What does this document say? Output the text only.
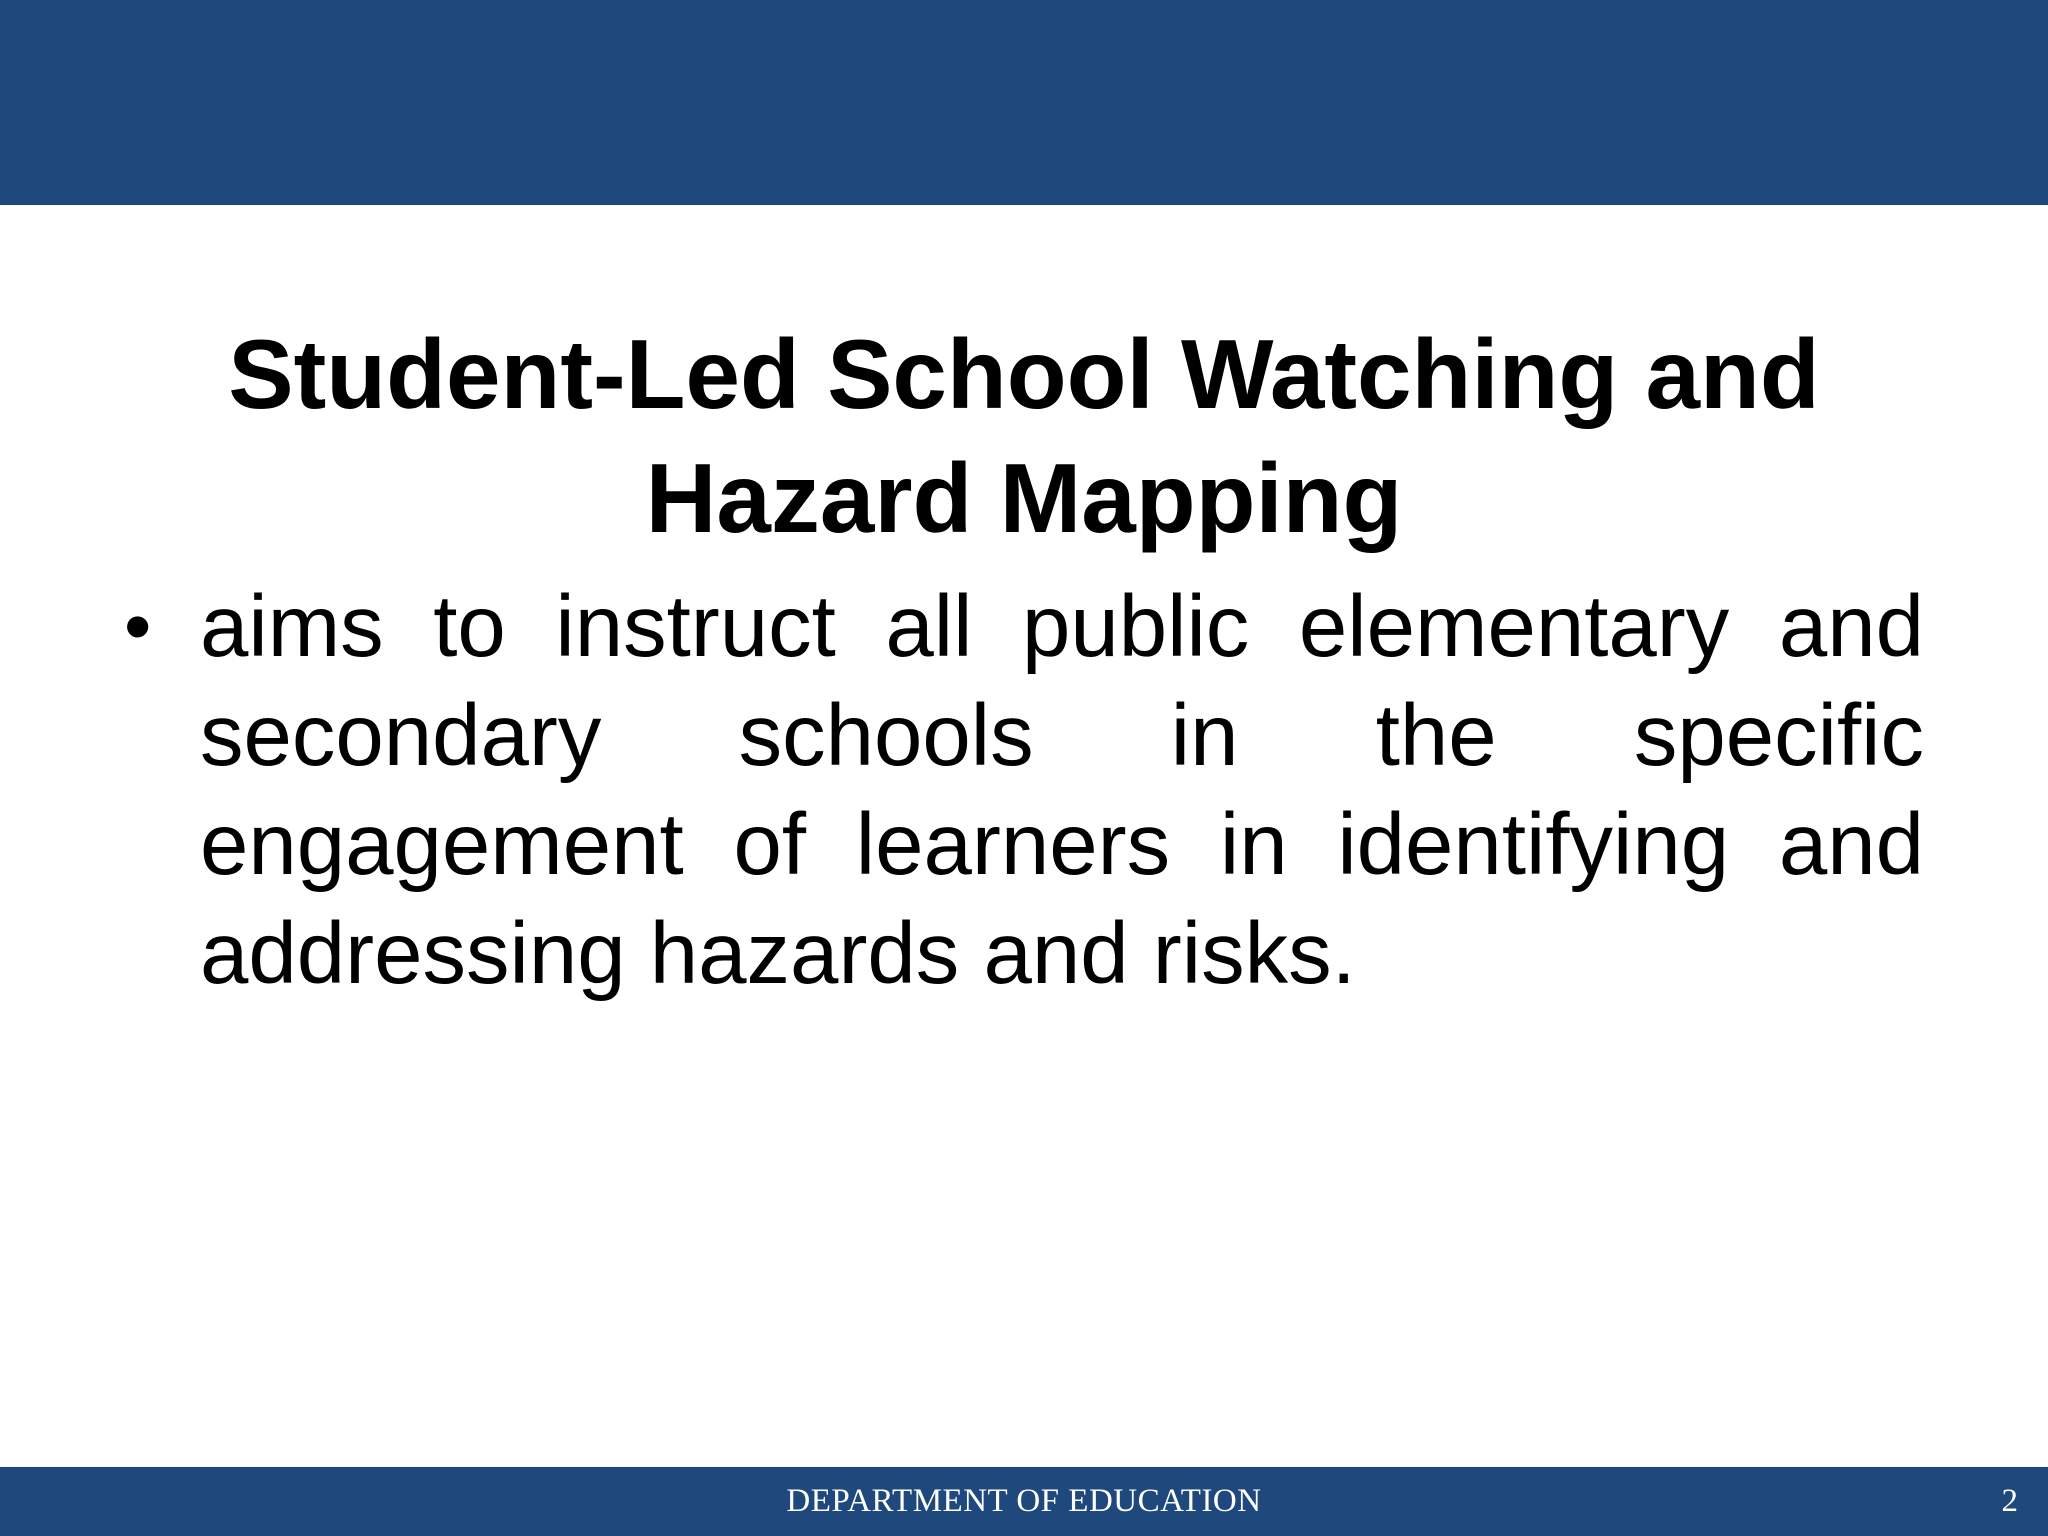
Student-Led School Watching and Hazard Mapping
• aims to instruct all public elementary and secondary schools in the specific engagement of learners in identifying and addressing hazards and risks.
DEPARTMENT OF EDUCATION	2
